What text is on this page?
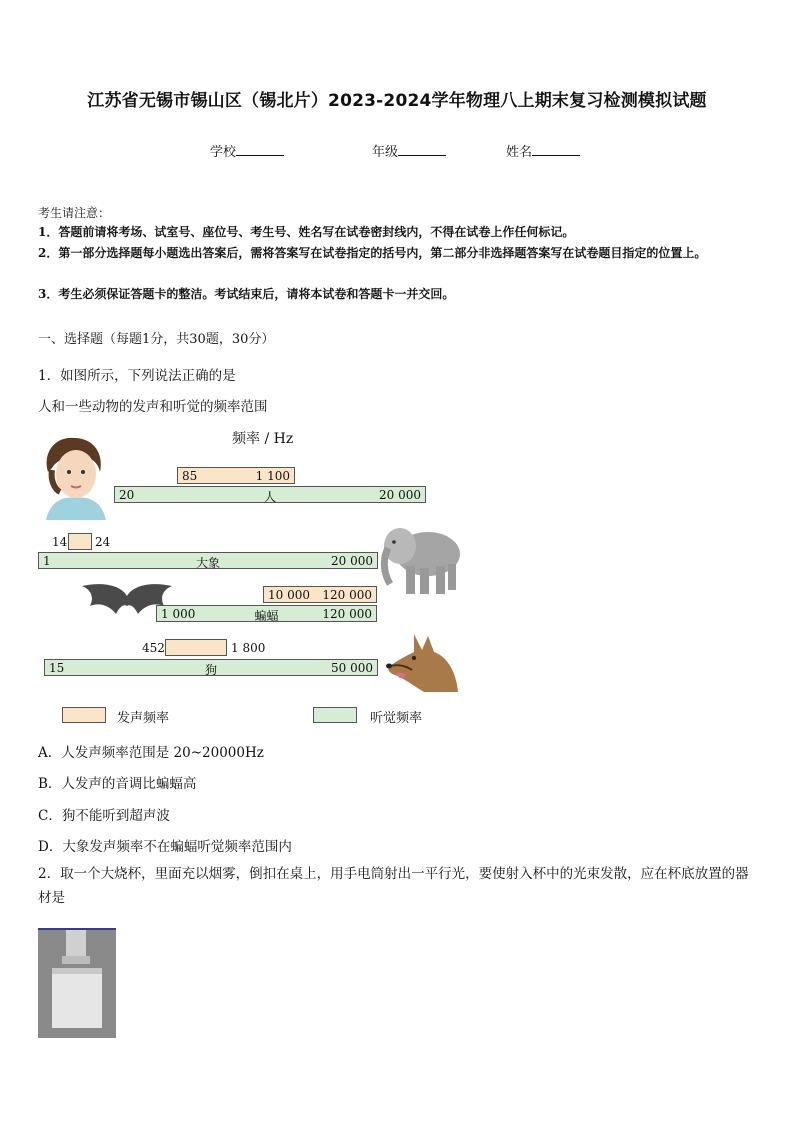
江苏省无锡市锡山区（锡北片）2023-2024学年物理八上期末复习检测模拟试题
学校	年级	姓名
考生请注意：
1．答题前请将考场、试室号、座位号、考生号、姓名写在试卷密封线内，不得在试卷上作任何标记。
2．第一部分选择题每小题选出答案后，需将答案写在试卷指定的括号内，第二部分非选择题答案写在试卷题目指定的位置上。
3．考生必须保证答题卡的整洁。考试结束后，请将本试卷和答题卡一并交回。
一、选择题（每题1分，共30题，30分）
1．如图所示，下列说法正确的是
人和一些动物的发声和听觉的频率范围
频率 / Hz
85	1 100
20	人	20 000
14 24
1	大象	20 000
10 000 120 000
1 000	蝙蝠	120 000
452	1 800
15	狗	50 000
发声频率	听觉频率
A．人发声频率范围是 20~20000Hz
B．人发声的音调比蝙蝠高
C．狗不能听到超声波
D．大象发声频率不在蝙蝠听觉频率范围内
2．取一个大烧杯，里面充以烟雾，倒扣在桌上，用手电筒射出一平行光，要使射入杯中的光束发散，应在杯底放置的器材是
